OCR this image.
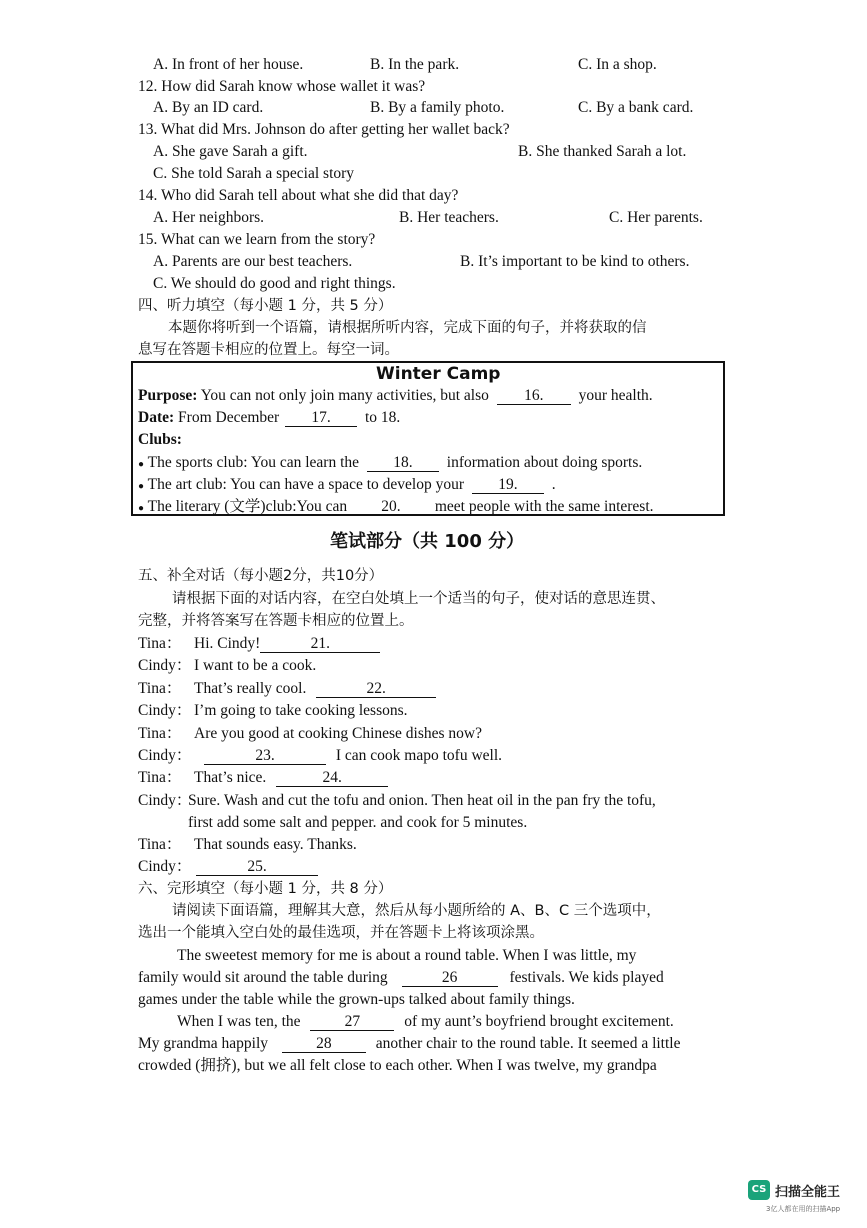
A. In front of her house.	B. In the park.	C. In a shop.
12. How did Sarah know whose wallet it was?
A. By an ID card.	B. By a family photo.	C. By a bank card.
13. What did Mrs. Johnson do after getting her wallet back?
A. She gave Sarah a gift.	B. She thanked Sarah a lot.
C. She told Sarah a special story
14. Who did Sarah tell about what she did that day?
A. Her neighbors.	B. Her teachers.	C. Her parents.
15. What can we learn from the story?
A. Parents are our best teachers.	B. It’s important to be kind to others.
C. We should do good and right things.
四、听力填空（每小题 1 分，共 5 分）
本题你将听到一个语篇，请根据所听内容，完成下面的句子，并将获取的信
息写在答题卡相应的位置上。每空一词。
Winter Camp
Purpose: You can not only join many activities, but also 16. your health.
Date: From December 17. to 18.
Clubs:
● The sports club: You can learn the 18. information about doing sports.
● The art club: You can have a space to develop your 19. .
● The literary (文学)club:You can 20. meet people with the same interest.
笔试部分（共 100 分）
五、补全对话（每小题2分，共10分）
请根据下面的对话内容，在空白处填上一个适当的句子，使对话的意思连贯、
完整，并将答案写在答题卡相应的位置上。
Tina： Hi. Cindy!	21.
Cindy： I want to be a cook.
Tina： That’s really cool.	22.
Cindy： I’m going to take cooking lessons.
Tina： Are you good at cooking Chinese dishes now?
Cindy：	23.	I can cook mapo tofu well.
Tina： That’s nice.	24.
Cindy：Sure. Wash and cut the tofu and onion. Then heat oil in the pan fry the tofu,
first add some salt and pepper. and cook for 5 minutes.
Tina： That sounds easy. Thanks.
Cindy：	25.
六、完形填空（每小题 1 分，共 8 分）
请阅读下面语篇，理解其大意，然后从每小题所给的 A、B、C 三个选项中，
选出一个能填入空白处的最佳选项，并在答题卡上将该项涂黑。
The sweetest memory for me is about a round table. When I was little, my
family would sit around the table during	26	festivals. We kids played
games under the table while the grown-ups talked about family things.
When I was ten, the	27	of my aunt’s boyfriend brought excitement.
My grandma happily	28	another chair to the round table. It seemed a little
crowded (拥挤), but we all felt close to each other. When I was twelve, my grandpa
CS 扫描全能王
3亿人都在用的扫描App
